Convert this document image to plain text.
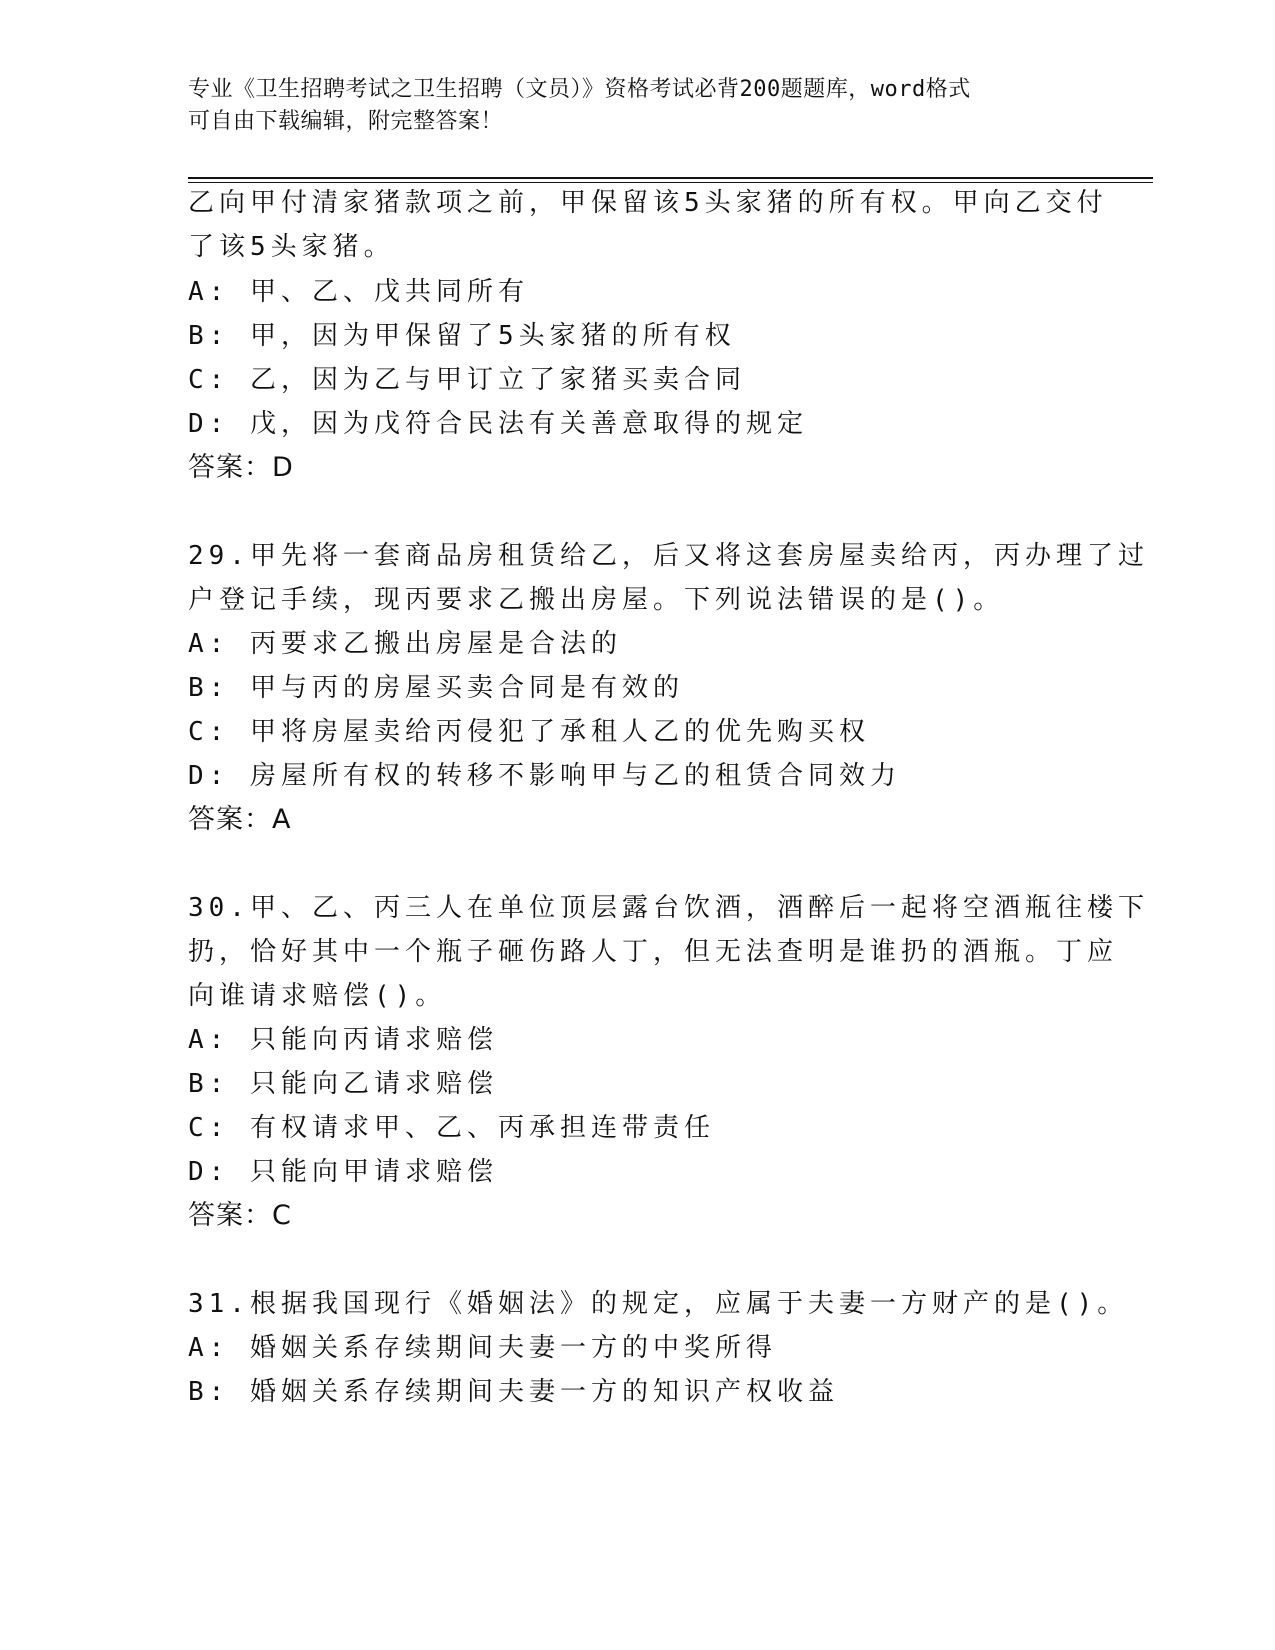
专业《卫生招聘考试之卫生招聘（文员）》资格考试必背200题题库，word格式
可自由下载编辑，附完整答案！
乙向甲付清家猪款项之前，甲保留该5头家猪的所有权。甲向乙交付
了该5头家猪。
A: 甲、乙、戊共同所有
B: 甲，因为甲保留了5头家猪的所有权
C: 乙，因为乙与甲订立了家猪买卖合同
D: 戊，因为戊符合民法有关善意取得的规定
答案：D
29.甲先将一套商品房租赁给乙，后又将这套房屋卖给丙，丙办理了过
户登记手续，现丙要求乙搬出房屋。下列说法错误的是()。
A: 丙要求乙搬出房屋是合法的
B: 甲与丙的房屋买卖合同是有效的
C: 甲将房屋卖给丙侵犯了承租人乙的优先购买权
D: 房屋所有权的转移不影响甲与乙的租赁合同效力
答案：A
30.甲、乙、丙三人在单位顶层露台饮酒，酒醉后一起将空酒瓶往楼下
扔，恰好其中一个瓶子砸伤路人丁，但无法查明是谁扔的酒瓶。丁应
向谁请求赔偿()。
A: 只能向丙请求赔偿
B: 只能向乙请求赔偿
C: 有权请求甲、乙、丙承担连带责任
D: 只能向甲请求赔偿
答案：C
31.根据我国现行《婚姻法》的规定，应属于夫妻一方财产的是()。
A: 婚姻关系存续期间夫妻一方的中奖所得
B: 婚姻关系存续期间夫妻一方的知识产权收益
